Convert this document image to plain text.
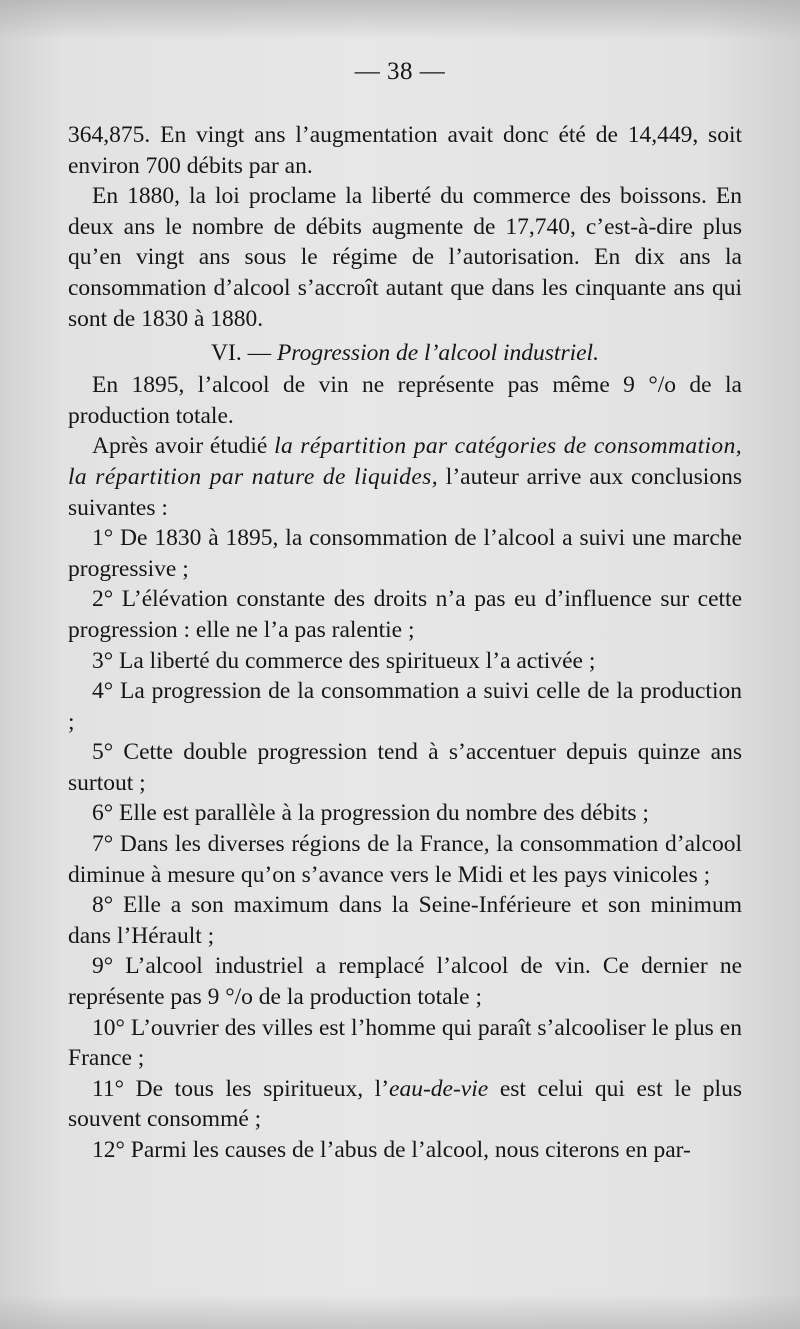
— 38 —

364,875. En vingt ans l’augmentation avait donc été de 14,449, soit environ 700 débits par an.

En 1880, la loi proclame la liberté du commerce des boissons. En deux ans le nombre de débits augmente de 17,740, c’est-à-dire plus qu’en vingt ans sous le régime de l’autorisation. En dix ans la consommation d’alcool s’accroît autant que dans les cinquante ans qui sont de 1830 à 1880.

VI. — Progression de l’alcool industriel.

En 1895, l’alcool de vin ne représente pas même 9 °/o de la production totale.

Après avoir étudié la répartition par catégories de consommation, la répartition par nature de liquides, l’auteur arrive aux conclusions suivantes :

1° De 1830 à 1895, la consommation de l’alcool a suivi une marche progressive ;

2° L’élévation constante des droits n’a pas eu d’influence sur cette progression : elle ne l’a pas ralentie ;

3° La liberté du commerce des spiritueux l’a activée ;

4° La progression de la consommation a suivi celle de la production ;

5° Cette double progression tend à s’accentuer depuis quinze ans surtout ;

6° Elle est parallèle à la progression du nombre des débits ;

7° Dans les diverses régions de la France, la consommation d’alcool diminue à mesure qu’on s’avance vers le Midi et les pays vinicoles ;

8° Elle a son maximum dans la Seine-Inférieure et son minimum dans l’Hérault ;

9° L’alcool industriel a remplacé l’alcool de vin. Ce dernier ne représente pas 9 °/o de la production totale ;

10° L’ouvrier des villes est l’homme qui paraît s’alcooliser le plus en France ;

11° De tous les spiritueux, l’eau-de-vie est celui qui est le plus souvent consommé ;

12° Parmi les causes de l’abus de l’alcool, nous citerons en par-
